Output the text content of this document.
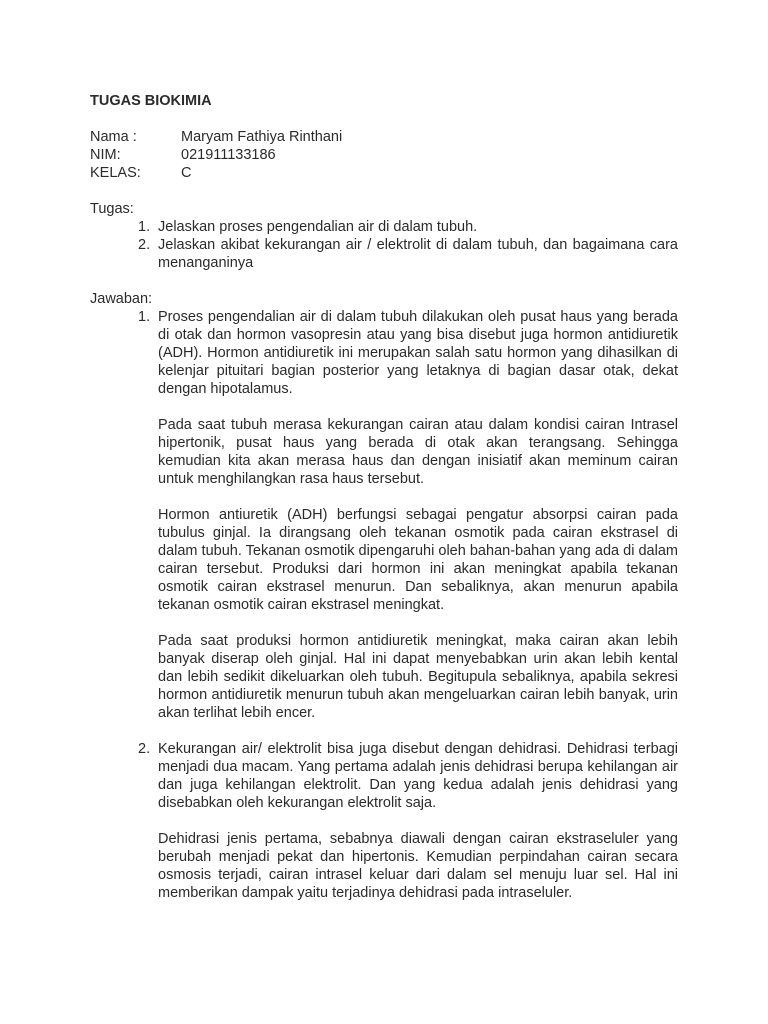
TUGAS BIOKIMIA
Nama :	Maryam Fathiya Rinthani
NIM:	021911133186
KELAS:	C
Tugas:
1. Jelaskan proses pengendalian air di dalam tubuh.
2. Jelaskan akibat kekurangan air / elektrolit di dalam tubuh, dan bagaimana cara menanganinya
Jawaban:
1. Proses pengendalian air di dalam tubuh dilakukan oleh pusat haus yang berada di otak dan hormon vasopresin atau yang bisa disebut juga hormon antidiuretik (ADH). Hormon antidiuretik ini merupakan salah satu hormon yang dihasilkan di kelenjar pituitari bagian posterior yang letaknya di bagian dasar otak, dekat dengan hipotalamus.

Pada saat tubuh merasa kekurangan cairan atau dalam kondisi cairan Intrasel hipertonik, pusat haus yang berada di otak akan terangsang. Sehingga kemudian kita akan merasa haus dan dengan inisiatif akan meminum cairan untuk menghilangkan rasa haus tersebut.

Hormon antiuretik (ADH) berfungsi sebagai pengatur absorpsi cairan pada tubulus ginjal. Ia dirangsang oleh tekanan osmotik pada cairan ekstrasel di dalam tubuh. Tekanan osmotik dipengaruhi oleh bahan-bahan yang ada di dalam cairan tersebut. Produksi dari hormon ini akan meningkat apabila tekanan osmotik cairan ekstrasel menurun. Dan sebaliknya, akan menurun apabila tekanan osmotik cairan ekstrasel meningkat.

Pada saat produksi hormon antidiuretik meningkat, maka cairan akan lebih banyak diserap oleh ginjal. Hal ini dapat menyebabkan urin akan lebih kental dan lebih sedikit dikeluarkan oleh tubuh. Begitupula sebaliknya, apabila sekresi hormon antidiuretik menurun tubuh akan mengeluarkan cairan lebih banyak, urin akan terlihat lebih encer.

2. Kekurangan air/ elektrolit bisa juga disebut dengan dehidrasi. Dehidrasi terbagi menjadi dua macam. Yang pertama adalah jenis dehidrasi berupa kehilangan air dan juga kehilangan elektrolit. Dan yang kedua adalah jenis dehidrasi yang disebabkan oleh kekurangan elektrolit saja.

Dehidrasi jenis pertama, sebabnya diawali dengan cairan ekstraseluler yang berubah menjadi pekat dan hipertonis. Kemudian perpindahan cairan secara osmosis terjadi, cairan intrasel keluar dari dalam sel menuju luar sel. Hal ini memberikan dampak yaitu terjadinya dehidrasi pada intraseluler.
